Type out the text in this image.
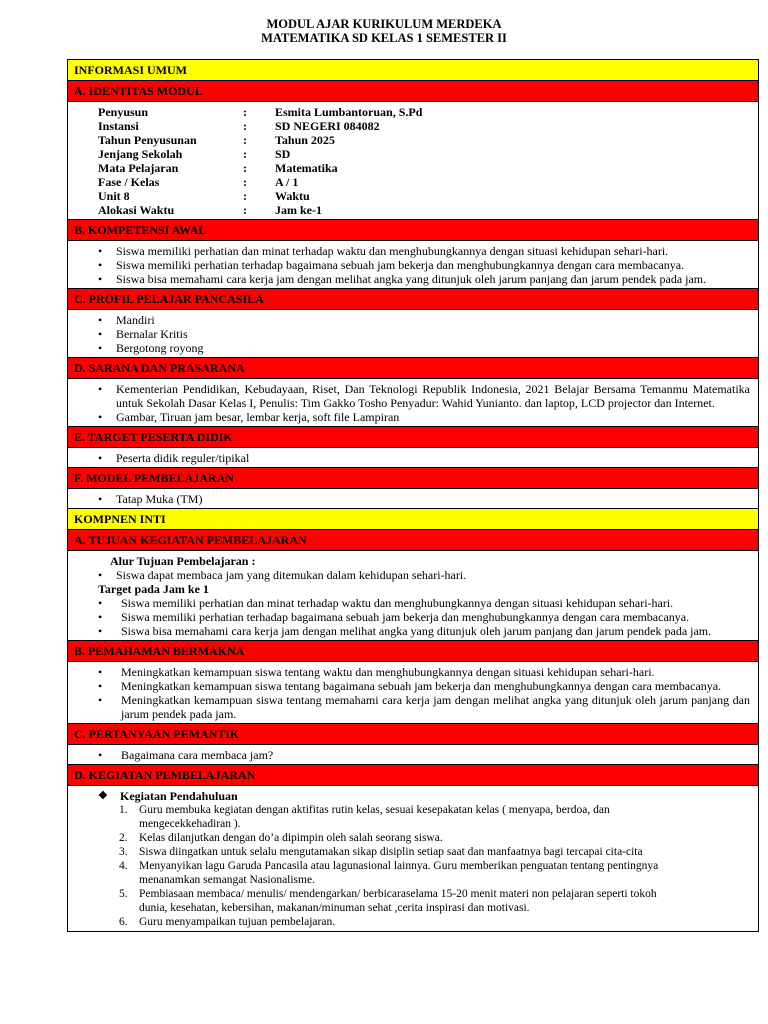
MODUL AJAR KURIKULUM MERDEKA
MATEMATIKA SD KELAS 1 SEMESTER II
INFORMASI UMUM
A. IDENTITAS MODUL
Penyusun	:	Esmita Lumbantoruan, S.Pd
Instansi	:	SD NEGERI 084082
Tahun Penyusunan	:	Tahun 2025
Jenjang Sekolah	:	SD
Mata Pelajaran	:	Matematika
Fase / Kelas	:	A / 1
Unit 8	:	Waktu
Alokasi Waktu	:	Jam ke-1
B. KOMPETENSI AWAL
• Siswa memiliki perhatian dan minat terhadap waktu dan menghubungkannya dengan situasi kehidupan sehari-hari.
• Siswa memiliki perhatian terhadap bagaimana sebuah jam bekerja dan menghubungkannya dengan cara membacanya.
• Siswa bisa memahami cara kerja jam dengan melihat angka yang ditunjuk oleh jarum panjang dan jarum pendek pada jam.
C. PROFIL PELAJAR PANCASILA
• Mandiri
• Bernalar Kritis
• Bergotong royong
D. SARANA DAN PRASARANA
• Kementerian Pendidikan, Kebudayaan, Riset, Dan Teknologi Republik Indonesia, 2021 Belajar Bersama Temanmu Matematika untuk Sekolah Dasar Kelas I, Penulis: Tim Gakko Tosho Penyadur: Wahid Yunianto. dan laptop, LCD projector dan Internet.
• Gambar, Tiruan jam besar, lembar kerja, soft file Lampiran
E. TARGET PESERTA DIDIK
• Peserta didik reguler/tipikal
F. MODEL PEMBELAJARAN
• Tatap Muka (TM)
KOMPNEN INTI
A. TUJUAN KEGIATAN PEMBELAJARAN
Alur Tujuan Pembelajaran :
• Siswa dapat membaca jam yang ditemukan dalam kehidupan sehari-hari.
Target pada Jam ke 1
• Siswa memiliki perhatian dan minat terhadap waktu dan menghubungkannya dengan situasi kehidupan sehari-hari.
• Siswa memiliki perhatian terhadap bagaimana sebuah jam bekerja dan menghubungkannya dengan cara membacanya.
• Siswa bisa memahami cara kerja jam dengan melihat angka yang ditunjuk oleh jarum panjang dan jarum pendek pada jam.
B. PEMAHAMAN BERMAKNA
• Meningkatkan kemampuan siswa tentang waktu dan menghubungkannya dengan situasi kehidupan sehari-hari.
• Meningkatkan kemampuan siswa tentang bagaimana sebuah jam bekerja dan menghubungkannya dengan cara membacanya.
• Meningkatkan kemampuan siswa tentang memahami cara kerja jam dengan melihat angka yang ditunjuk oleh jarum panjang dan jarum pendek pada jam.
C. PERTANYAAN PEMANTIK
• Bagaimana cara membaca jam?
D. KEGIATAN PEMBELAJARAN
❖ Kegiatan Pendahuluan
1. Guru membuka kegiatan dengan aktifitas rutin kelas, sesuai kesepakatan kelas ( menyapa, berdoa, dan mengecekkehadiran ).
2. Kelas dilanjutkan dengan do’a dipimpin oleh salah seorang siswa.
3. Siswa diingatkan untuk selalu mengutamakan sikap disiplin setiap saat dan manfaatnya bagi tercapai cita-cita
4. Menyanyikan lagu Garuda Pancasila atau lagunasional lainnya. Guru memberikan penguatan tentang pentingnya menanamkan semangat Nasionalisme.
5. Pembiasaan membaca/ menulis/ mendengarkan/ berbicaraselama 15-20 menit materi non pelajaran seperti tokoh dunia, kesehatan, kebersihan, makanan/minuman sehat ,cerita inspirasi dan motivasi.
6. Guru menyampaikan tujuan pembelajaran.
